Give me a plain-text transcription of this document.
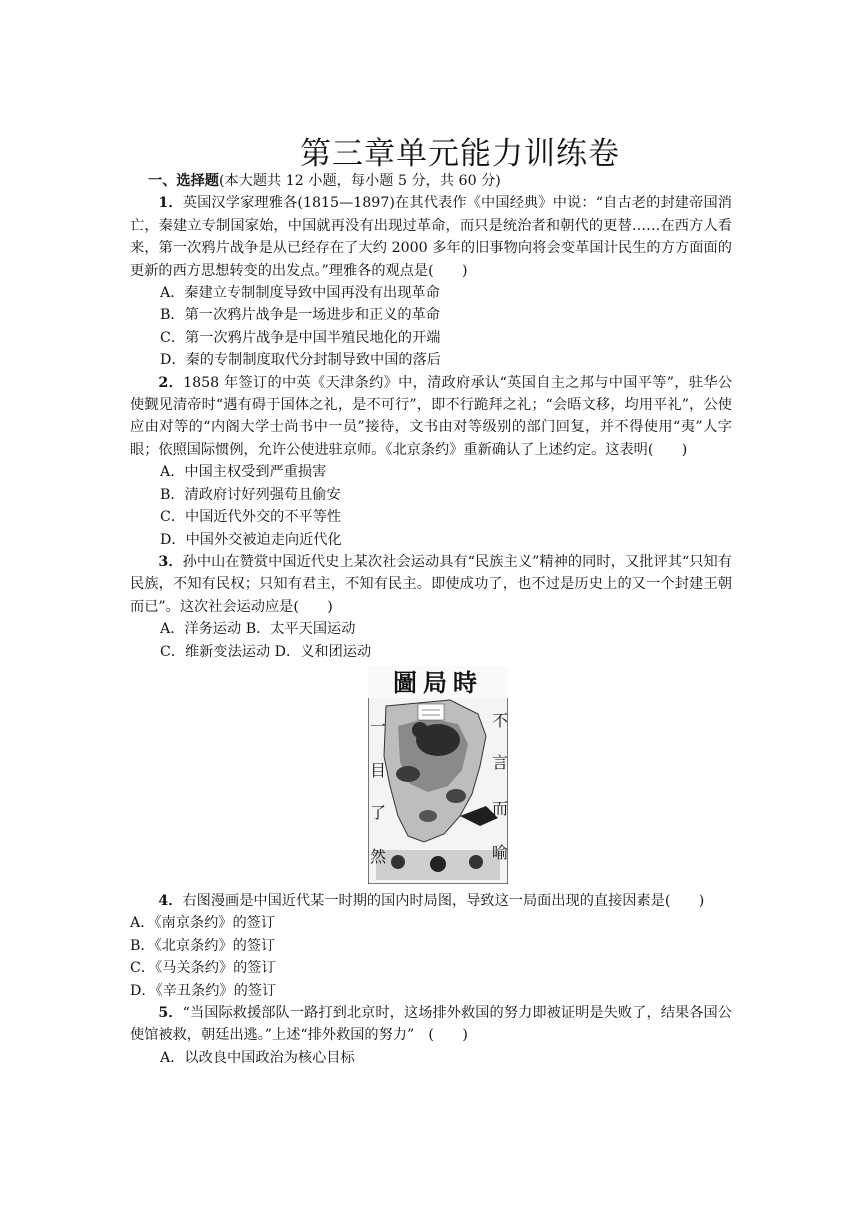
第三章单元能力训练卷
一、选择题(本大题共 12 小题，每小题 5 分，共 60 分)

1．英国汉学家理雅各(1815—1897)在其代表作《中国经典》中说：“自古老的封建帝国消亡，秦建立专制国家始，中国就再没有出现过革命，而只是统治者和朝代的更替……在西方人看来，第一次鸦片战争是从已经存在了大约 2000 多年的旧事物向将会变革国计民生的方方面面的更新的西方思想转变的出发点。”理雅各的观点是(　　)

A．秦建立专制制度导致中国再没有出现革命

B．第一次鸦片战争是一场进步和正义的革命

C．第一次鸦片战争是中国半殖民地化的开端

D．秦的专制制度取代分封制导致中国的落后

2．1858 年签订的中英《天津条约》中，清政府承认“英国自主之邦与中国平等”，驻华公使觐见清帝时“遇有碍于国体之礼，是不可行”，即不行跪拜之礼；“会晤文移，均用平礼”，公使应由对等的“内阁大学士尚书中一员”接待，文书由对等级别的部门回复，并不得使用“夷”人字眼；依照国际惯例，允许公使进驻京师。《北京条约》重新确认了上述约定。这表明(　　)

A．中国主权受到严重损害

B．清政府讨好列强苟且偷安

C．中国近代外交的不平等性

D．中国外交被迫走向近代化

3．孙中山在赞赏中国近代史上某次社会运动具有“民族主义”精神的同时，又批评其“只知有民族，不知有民权；只知有君主，不知有民主。即使成功了，也不过是历史上的又一个封建王朝而已”。这次社会运动应是(　　)

A．洋务运动 B．太平天国运动

C．维新变法运动 D．义和团运动

圖局時
一 目 了 然
不 言 而 喻

4．右图漫画是中国近代某一时期的国内时局图，导致这一局面出现的直接因素是(　　)

A．《南京条约》的签订

B．《北京条约》的签订

C．《马关条约》的签订

D．《辛丑条约》的签订

5．“当国际救援部队一路打到北京时，这场排外救国的努力即被证明是失败了，结果各国公使馆被救，朝廷出逃。”上述“排外救国的努力”　(　　)

A．以改良中国政治为核心目标
